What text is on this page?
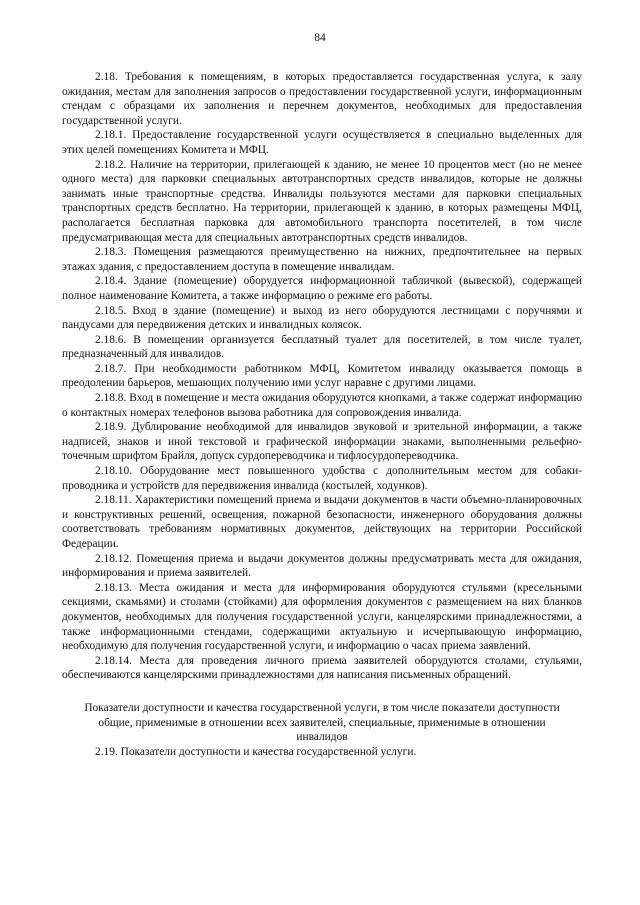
84

2.18. Требования к помещениям, в которых предоставляется государственная услуга, к залу ожидания, местам для заполнения запросов о предоставлении государственной услуги, информационным стендам с образцами их заполнения и перечнем документов, необходимых для предоставления государственной услуги.

2.18.1. Предоставление государственной услуги осуществляется в специально выделенных для этих целей помещениях Комитета и МФЦ.

2.18.2. Наличие на территории, прилегающей к зданию, не менее 10 процентов мест (но не менее одного места) для парковки специальных автотранспортных средств инвалидов, которые не должны занимать иные транспортные средства. Инвалиды пользуются местами для парковки специальных транспортных средств бесплатно. На территории, прилегающей к зданию, в которых размещены МФЦ, располагается бесплатная парковка для автомобильного транспорта посетителей, в том числе предусматривающая места для специальных автотранспортных средств инвалидов.

2.18.3. Помещения размещаются преимущественно на нижних, предпочтительнее на первых этажах здания, с предоставлением доступа в помещение инвалидам.

2.18.4. Здание (помещение) оборудуется информационной табличкой (вывеской), содержащей полное наименование Комитета, а также информацию о режиме его работы.

2.18.5. Вход в здание (помещение) и выход из него оборудуются лестницами с поручнями и пандусами для передвижения детских и инвалидных колясок.

2.18.6. В помещении организуется бесплатный туалет для посетителей, в том числе туалет, предназначенный для инвалидов.

2.18.7. При необходимости работником МФЦ, Комитетом инвалиду оказывается помощь в преодолении барьеров, мешающих получению ими услуг наравне с другими лицами.

2.18.8. Вход в помещение и места ожидания оборудуются кнопками, а также содержат информацию о контактных номерах телефонов вызова работника для сопровождения инвалида.

2.18.9. Дублирование необходимой для инвалидов звуковой и зрительной информации, а также надписей, знаков и иной текстовой и графической информации знаками, выполненными рельефно-точечным шрифтом Брайля, допуск сурдопереводчика и тифлосурдопереводчика.

2.18.10. Оборудование мест повышенного удобства с дополнительным местом для собаки-проводника и устройств для передвижения инвалида (костылей, ходунков).

2.18.11. Характеристики помещений приема и выдачи документов в части объемно-планировочных и конструктивных решений, освещения, пожарной безопасности, инженерного оборудования должны соответствовать требованиям нормативных документов, действующих на территории Российской Федерации.

2.18.12. Помещения приема и выдачи документов должны предусматривать места для ожидания, информирования и приема заявителей.

2.18.13. Места ожидания и места для информирования оборудуются стульями (кресельными секциями, скамьями) и столами (стойками) для оформления документов с размещением на них бланков документов, необходимых для получения государственной услуги, канцелярскими принадлежностями, а также информационными стендами, содержащими актуальную и исчерпывающую информацию, необходимую для получения государственной услуги, и информацию о часах приема заявлений.

2.18.14. Места для проведения личного приема заявителей оборудуются столами, стульями, обеспечиваются канцелярскими принадлежностями для написания письменных обращений.

Показатели доступности и качества государственной услуги, в том числе показатели доступности общие, применимые в отношении всех заявителей, специальные, применимые в отношении инвалидов

2.19. Показатели доступности и качества государственной услуги.
